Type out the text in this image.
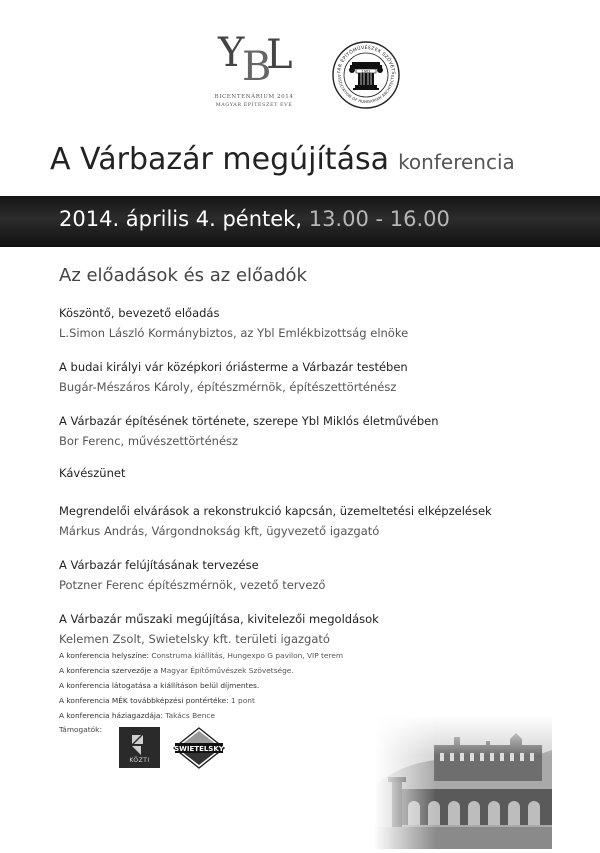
Y
B
L
BICENTENÁRIUM 2014
MAGYAR ÉPÍTÉSZET ÉVE
YAR ÉPÍTŐMŰVÉSZEK SZÖVETS
ASSOCIATION OF HUNGARIAN ARCHITECTS
1902
A Várbazár megújítása konferencia
2014. április 4. péntek, 13.00 - 16.00
Az előadások és az előadók
Köszöntő, bevezető előadás
L.Simon László Kormánybiztos, az Ybl Emlékbizottság elnöke
A budai királyi vár középkori óriásterme a Várbazár testében
Bugár-Mészáros Károly, építészmérnök, építészettörténész
A Várbazár építésének története, szerepe Ybl Miklós életművében
Bor Ferenc, művészettörténész
Kávészünet
Megrendelői elvárások a rekonstrukció kapcsán, üzemeltetési elképzelések
Márkus András, Várgondnokság kft, ügyvezető igazgató
A Várbazár felújításának tervezése
Potzner Ferenc építészmérnök, vezető tervező
A Várbazár műszaki megújítása, kivitelezői megoldások
Kelemen Zsolt, Swietelsky kft. területi igazgató
A konferencia helyszíne: Construma kiállítás, Hungexpo G pavilon, VIP terem
A konferencia szervezője a Magyar Építőművészek Szövetsége.
A konferencia látogatása a kiállításon belül díjmentes.
A konferencia MÉK továbbképzési pontértéke: 1 pont
A konferencia háziagazdája: Takács Bence
Támogatók:
KÖZTI
SWIETELSKY
